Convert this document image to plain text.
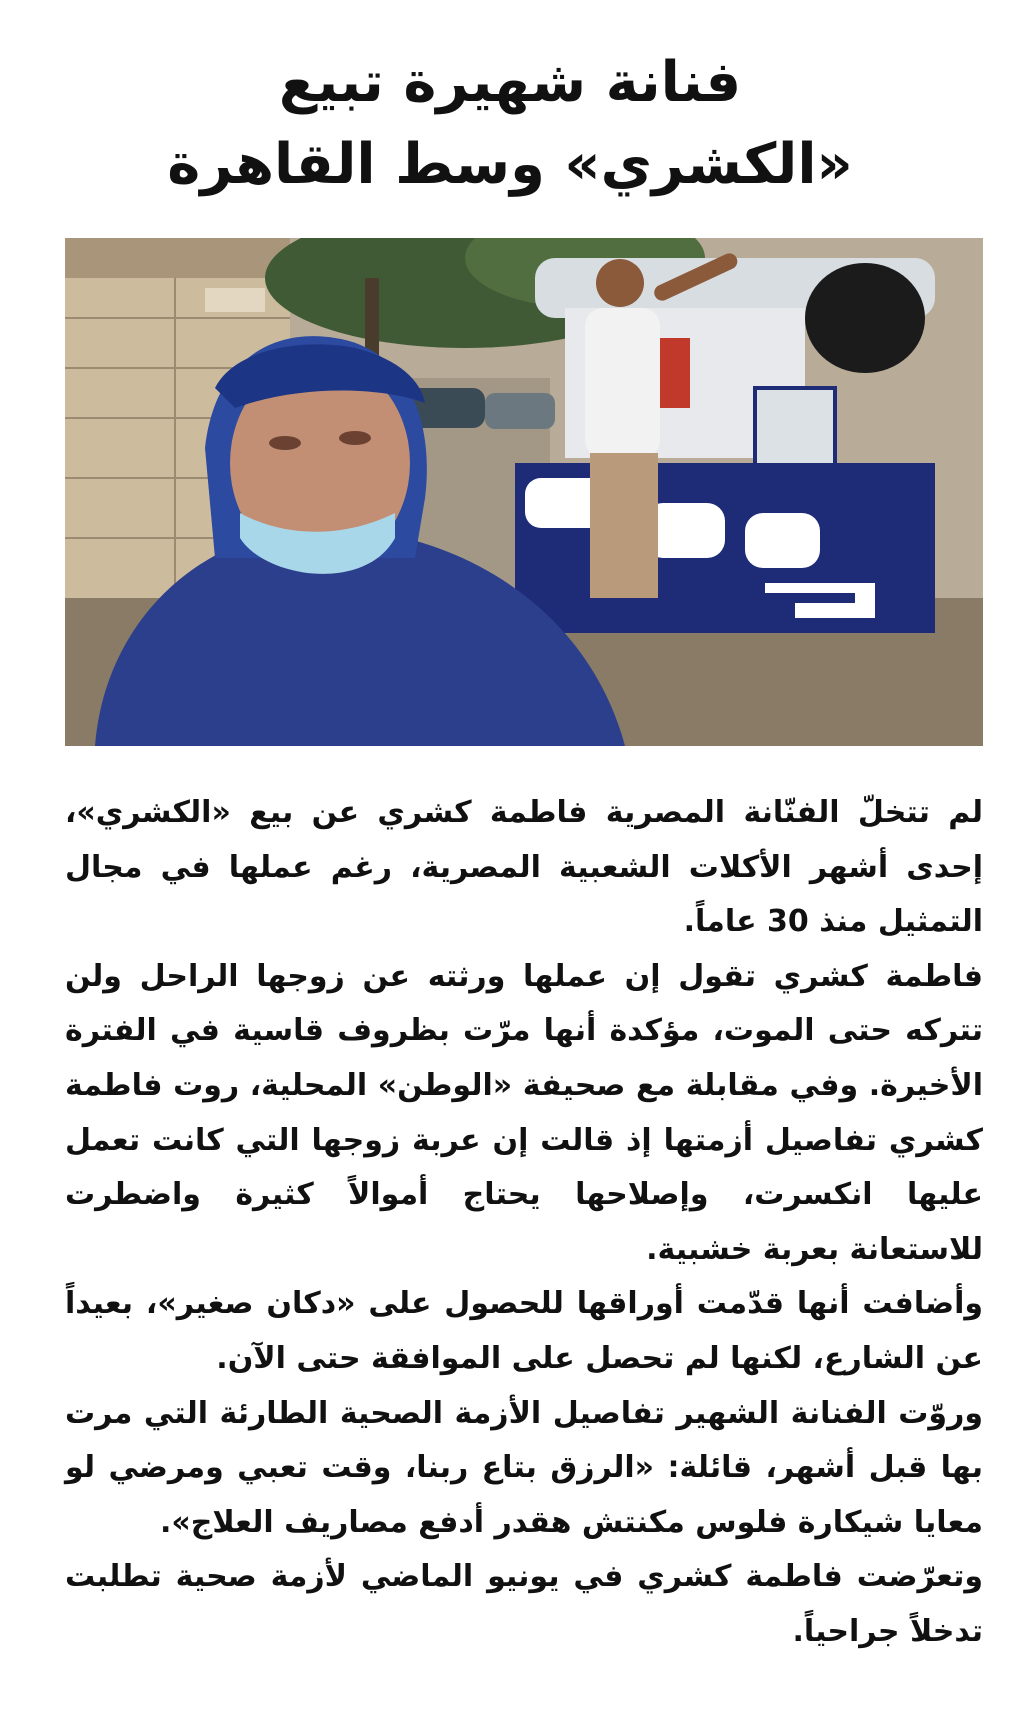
فنانة شهيرة تبيع
«الكشري» وسط القاهرة

لم تتخلّ الفنّانة المصرية فاطمة كشري عن بيع «الكشري»، إحدى أشهر الأكلات الشعبية المصرية، رغم عملها في مجال التمثيل منذ 30 عاماً.

فاطمة كشري تقول إن عملها ورثته عن زوجها الراحل ولن تتركه حتى الموت، مؤكدة أنها مرّت بظروف قاسية في الفترة الأخيرة. وفي مقابلة مع صحيفة «الوطن» المحلية، روت فاطمة كشري تفاصيل أزمتها إذ قالت إن عربة زوجها التي كانت تعمل عليها انكسرت، وإصلاحها يحتاج أموالاً كثيرة واضطرت للاستعانة بعربة خشبية.

وأضافت أنها قدّمت أوراقها للحصول على «دكان صغير»، بعيداً عن الشارع، لكنها لم تحصل على الموافقة حتى الآن.

وروّت الفنانة الشهير تفاصيل الأزمة الصحية الطارئة التي مرت بها قبل أشهر، قائلة: «الرزق بتاع ربنا، وقت تعبي ومرضي لو معايا شيكارة فلوس مكنتش هقدر أدفع مصاريف العلاج».

وتعرّضت فاطمة كشري في يونيو الماضي لأزمة صحية تطلبت تدخلاً جراحياً.
